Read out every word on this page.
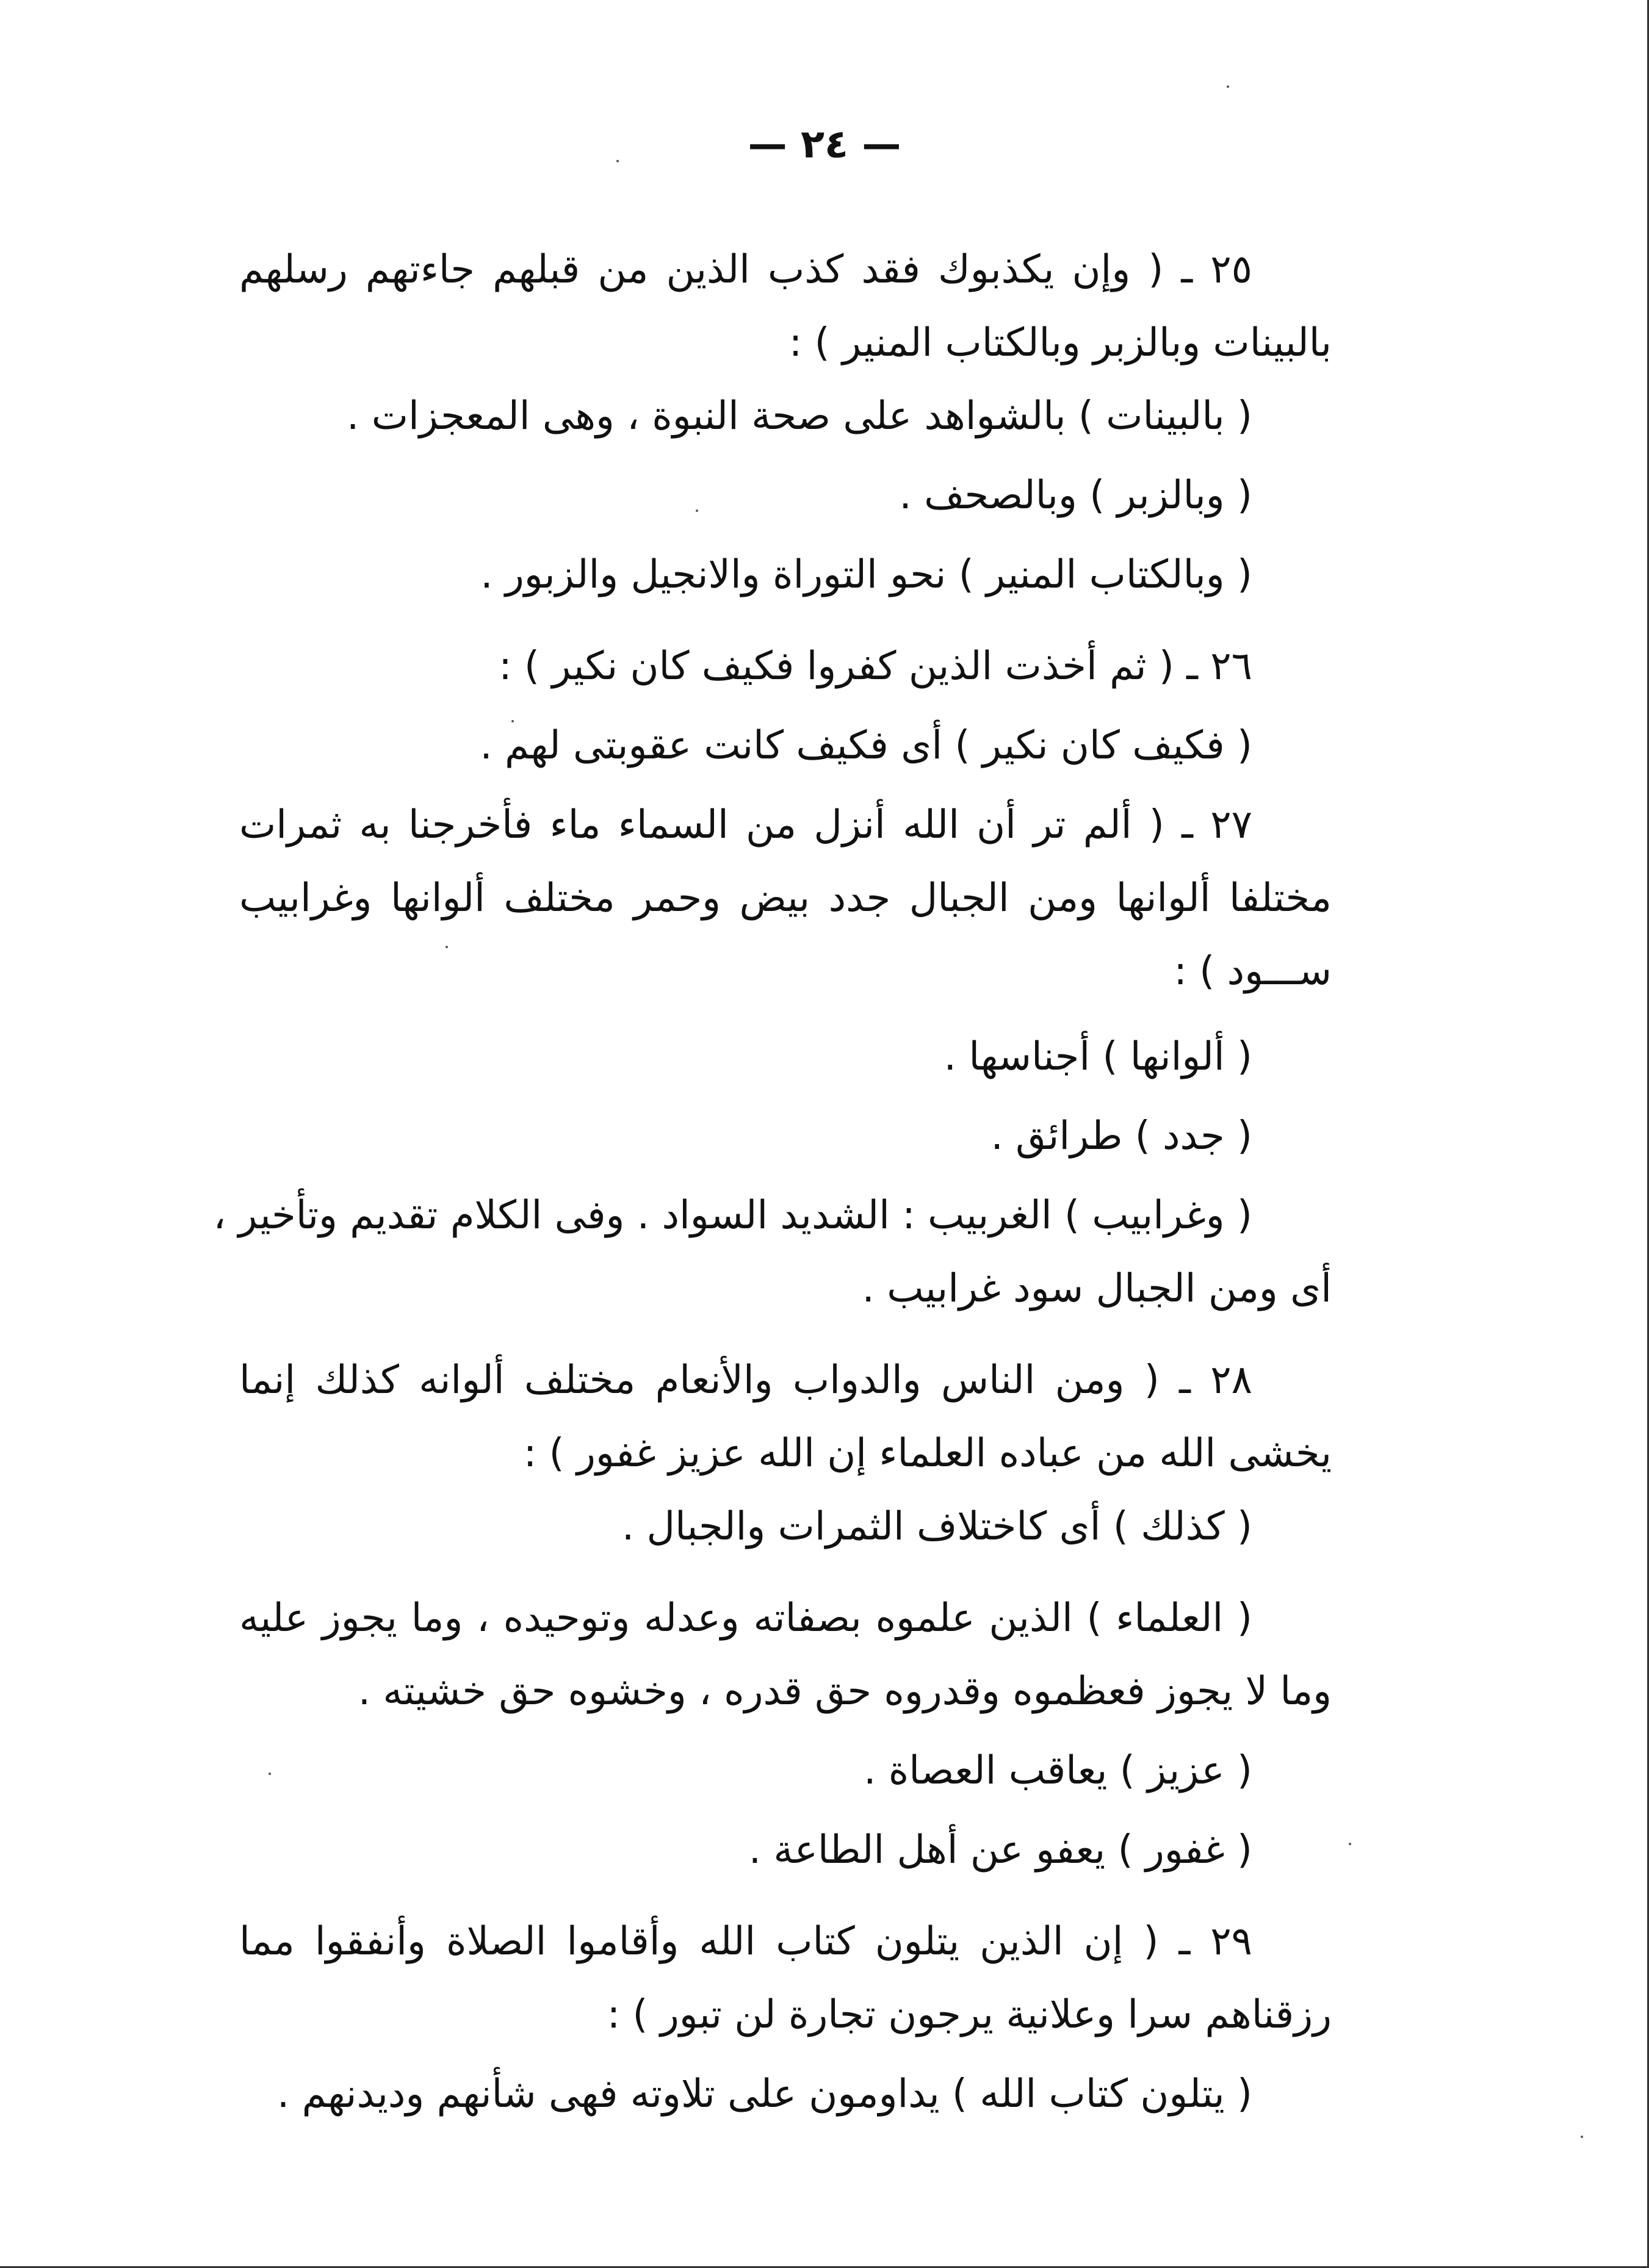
— ٢٤ —
٢٥ ـ ( وإن يكذبوك فقد كذب الذين من قبلهم جاءتهم رسلهم
بالبينات وبالزبر وبالكتاب المنير ) :
( بالبينات ) بالشواهد على صحة النبوة ، وهى المعجزات .
( وبالزبر ) وبالصحف .
( وبالكتاب المنير ) نحو التوراة والانجيل والزبور .
٢٦ ـ ( ثم أخذت الذين كفروا فكيف كان نكير ) :
( فكيف كان نكير ) أى فكيف كانت عقوبتى لهم .
٢٧ ـ ( ألم تر أن الله أنزل من السماء ماء فأخرجنا به ثمرات
مختلفا ألوانها ومن الجبال جدد بيض وحمر مختلف ألوانها وغرابيب
ســـود ) :
( ألوانها ) أجناسها .
( جدد ) طرائق .
( وغرابيب ) الغربيب : الشديد السواد . وفى الكلام تقديم وتأخير ،
أى ومن الجبال سود غرابيب .
٢٨ ـ ( ومن الناس والدواب والأنعام مختلف ألوانه كذلك إنما
يخشى الله من عباده العلماء إن الله عزيز غفور ) :
( كذلك ) أى كاختلاف الثمرات والجبال .
( العلماء ) الذين علموه بصفاته وعدله وتوحيده ، وما يجوز عليه
وما لا يجوز فعظموه وقدروه حق قدره ، وخشوه حق خشيته .
( عزيز ) يعاقب العصاة .
( غفور ) يعفو عن أهل الطاعة .
٢٩ ـ ( إن الذين يتلون كتاب الله وأقاموا الصلاة وأنفقوا مما
رزقناهم سرا وعلانية يرجون تجارة لن تبور ) :
( يتلون كتاب الله ) يداومون على تلاوته فهى شأنهم وديدنهم .
